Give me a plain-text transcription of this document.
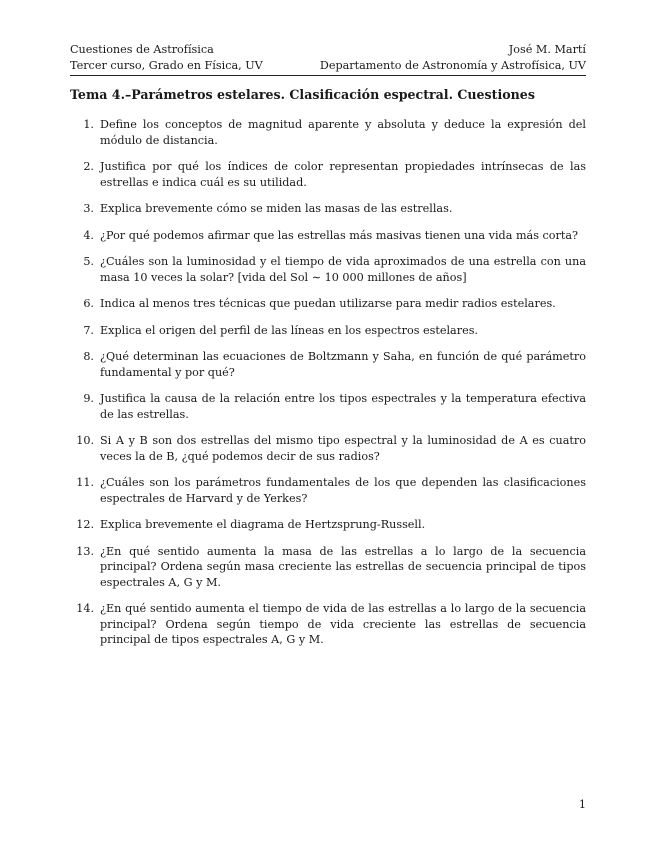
Cuestiones de Astrofísica	José M. Martí
Tercer curso, Grado en Física, UV	Departamento de Astronomía y Astrofísica, UV
Tema 4.–Parámetros estelares. Clasificación espectral. Cuestiones
1. Define los conceptos de magnitud aparente y absoluta y deduce la expresión del módulo de distancia.
2. Justifica por qué los índices de color representan propiedades intrínsecas de las estrellas e indica cuál es su utilidad.
3. Explica brevemente cómo se miden las masas de las estrellas.
4. ¿Por qué podemos afirmar que las estrellas más masivas tienen una vida más corta?
5. ¿Cuáles son la luminosidad y el tiempo de vida aproximados de una estrella con una masa 10 veces la solar? [vida del Sol ∼ 10 000 millones de años]
6. Indica al menos tres técnicas que puedan utilizarse para medir radios estelares.
7. Explica el origen del perfil de las líneas en los espectros estelares.
8. ¿Qué determinan las ecuaciones de Boltzmann y Saha, en función de qué parámetro fundamental y por qué?
9. Justifica la causa de la relación entre los tipos espectrales y la temperatura efectiva de las estrellas.
10. Si A y B son dos estrellas del mismo tipo espectral y la luminosidad de A es cuatro veces la de B, ¿qué podemos decir de sus radios?
11. ¿Cuáles son los parámetros fundamentales de los que dependen las clasificaciones espectrales de Harvard y de Yerkes?
12. Explica brevemente el diagrama de Hertzsprung-Russell.
13. ¿En qué sentido aumenta la masa de las estrellas a lo largo de la secuencia principal? Ordena según masa creciente las estrellas de secuencia principal de tipos espectrales A, G y M.
14. ¿En qué sentido aumenta el tiempo de vida de las estrellas a lo largo de la secuencia principal? Ordena según tiempo de vida creciente las estrellas de secuencia principal de tipos espectrales A, G y M.
1
